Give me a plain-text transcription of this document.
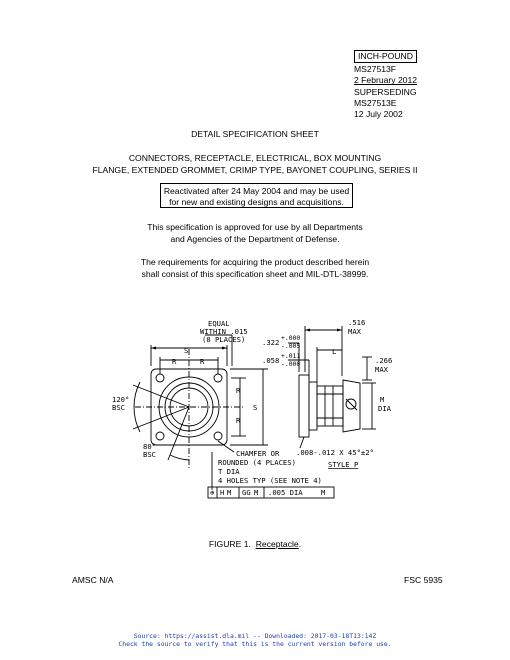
INCH-POUND
MS27513F
2 February 2012
SUPERSEDING
MS27513E
12 July 2002
DETAIL SPECIFICATION SHEET
CONNECTORS, RECEPTACLE, ELECTRICAL, BOX MOUNTING
FLANGE, EXTENDED GROMMET, CRIMP TYPE, BAYONET COUPLING, SERIES II
Reactivated after 24 May 2004 and may be used
for new and existing designs and acquisitions.
This specification is approved for use by all Departments
and Agencies of the Department of Defense.
The requirements for acquiring the product described herein
shall consist of this specification sheet and MIL-DTL-38999.
EQUAL
WITHIN .015
(8 PLACES)
S
R	R
R
R
S
120°
BSC
80°
BSC	CHAMFER OR
ROUNDED (4 PLACES)
T DIA
4 HOLES TYP (SEE NOTE 4)
⊕ H M GG M .005 DIA	M
.322 +.000
-.005
.058 +.011
-.000
.516
MAX
L
.266
MAX
M
DIA
.008-.012 X 45°±2°
STYLE P
FIGURE 1. Receptacle.
AMSC N/A	FSC 5935
Source: https://assist.dla.mil -- Downloaded: 2017-03-18T13:14Z
Check the source to verify that this is the current version before use.
